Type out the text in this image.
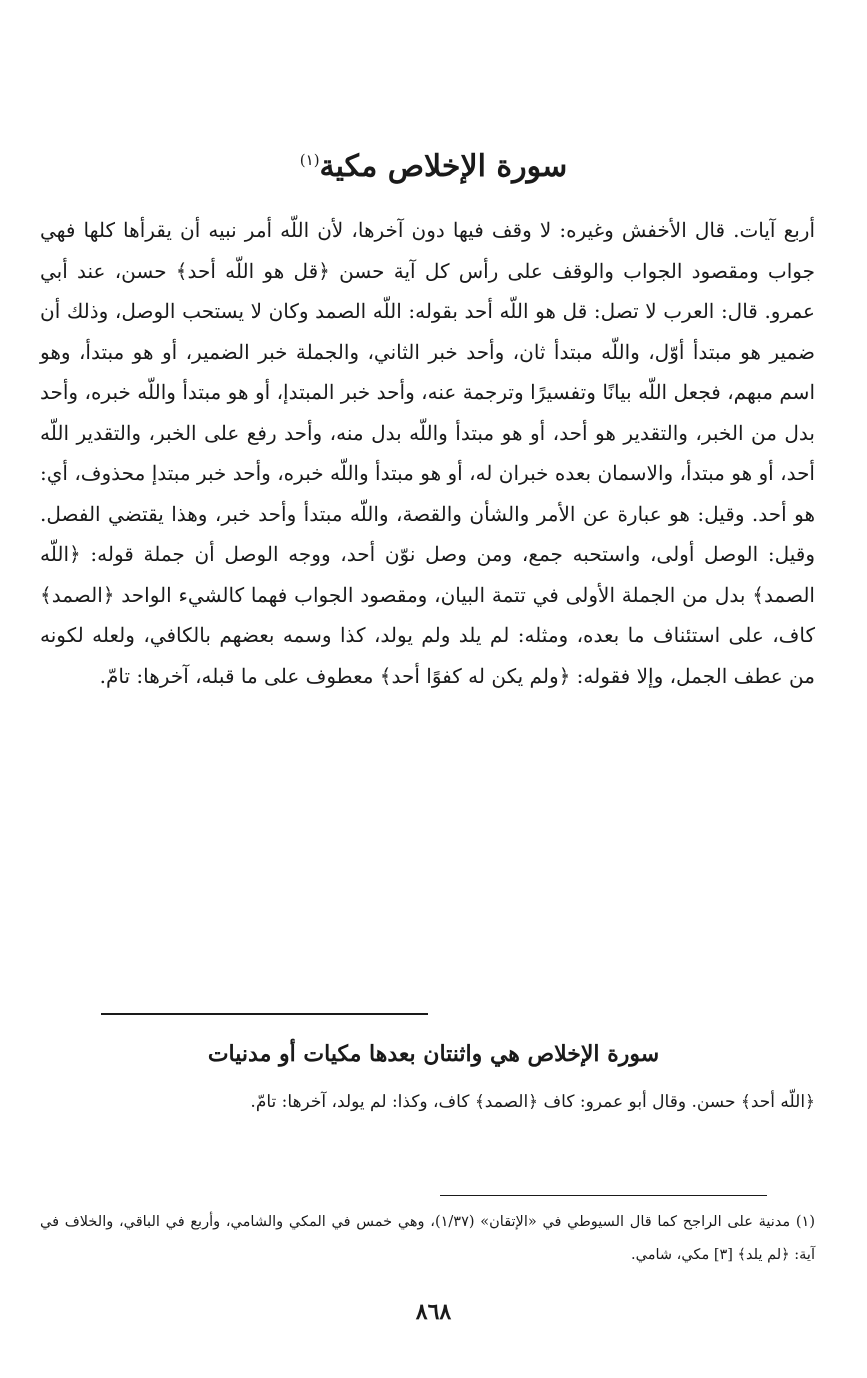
سورة الإخلاص مكية$^{(١)}$

أربع آيات. قال الأخفش وغيره: لا وقف فيها دون آخرها، لأن اللّه أمر نبيه أن يقرأها كلها فهي جواب ومقصود الجواب والوقف على رأس كل آية حسن ﴿قل هو اللّه أحد﴾ حسن، عند أبي عمرو. قال: العرب لا تصل: قل هو اللّه أحد بقوله: اللّه الصمد وكان لا يستحب الوصل، وذلك أن ضمير هو مبتدأ أوّل، واللّه مبتدأ ثان، وأحد خبر الثاني، والجملة خبر الضمير، أو هو مبتدأ، وهو اسم مبهم، فجعل اللّه بيانًا وتفسيرًا وترجمة عنه، وأحد خبر المبتدإ، أو هو مبتدأ واللّه خبره، وأحد بدل من الخبر، والتقدير هو أحد، أو هو مبتدأ واللّه بدل منه، وأحد رفع على الخبر، والتقدير اللّه أحد، أو هو مبتدأ، والاسمان بعده خبران له، أو هو مبتدأ واللّه خبره، وأحد خبر مبتدإ محذوف، أي: هو أحد. وقيل: هو عبارة عن الأمر والشأن والقصة، واللّه مبتدأ وأحد خبر، وهذا يقتضي الفصل. وقيل: الوصل أولى، واستحبه جمع، ومن وصل نوّن أحد، ووجه الوصل أن جملة قوله: ﴿اللّه الصمد﴾ بدل من الجملة الأولى في تتمة البيان، ومقصود الجواب فهما كالشيء الواحد ﴿الصمد﴾ كاف، على استئناف ما بعده، ومثله: لم يلد ولم يولد، كذا وسمه بعضهم بالكافي، ولعله لكونه من عطف الجمل، وإلا فقوله: ﴿ولم يكن له كفوًا أحد﴾ معطوف على ما قبله، آخرها: تامّ.

سورة الإخلاص هي واثنتان بعدها مكيات أو مدنيات

﴿اللّه أحد﴾ حسن. وقال أبو عمرو: كاف ﴿الصمد﴾ كاف، وكذا: لم يولد، آخرها: تامّ.

(١) مدنية على الراجح كما قال السيوطي في «الإتقان» (١/٣٧)، وهي خمس في المكي والشامي، وأربع في الباقي، والخلاف في آية: ﴿لم يلد﴾ [٣] مكي، شامي.

٨٦٨
